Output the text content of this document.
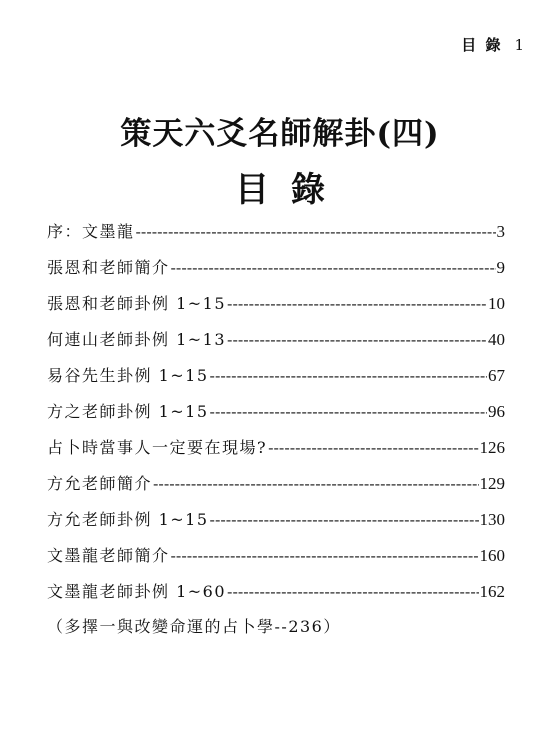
目 錄 1
策天六爻名師解卦(四)
目錄
序：文墨龍 -----	3
張恩和老師簡介 -----	9
張恩和老師卦例 1~15 -----	10
何連山老師卦例 1~13 -----	40
易谷先生卦例 1~15 -----	67
方之老師卦例 1~15 -----	96
占卜時當事人一定要在現場? -----	126
方允老師簡介 -----	129
方允老師卦例 1~15 -----	130
文墨龍老師簡介 -----	160
文墨龍老師卦例 1~60 -----	162
（多擇一與改變命運的占卜學--236）
